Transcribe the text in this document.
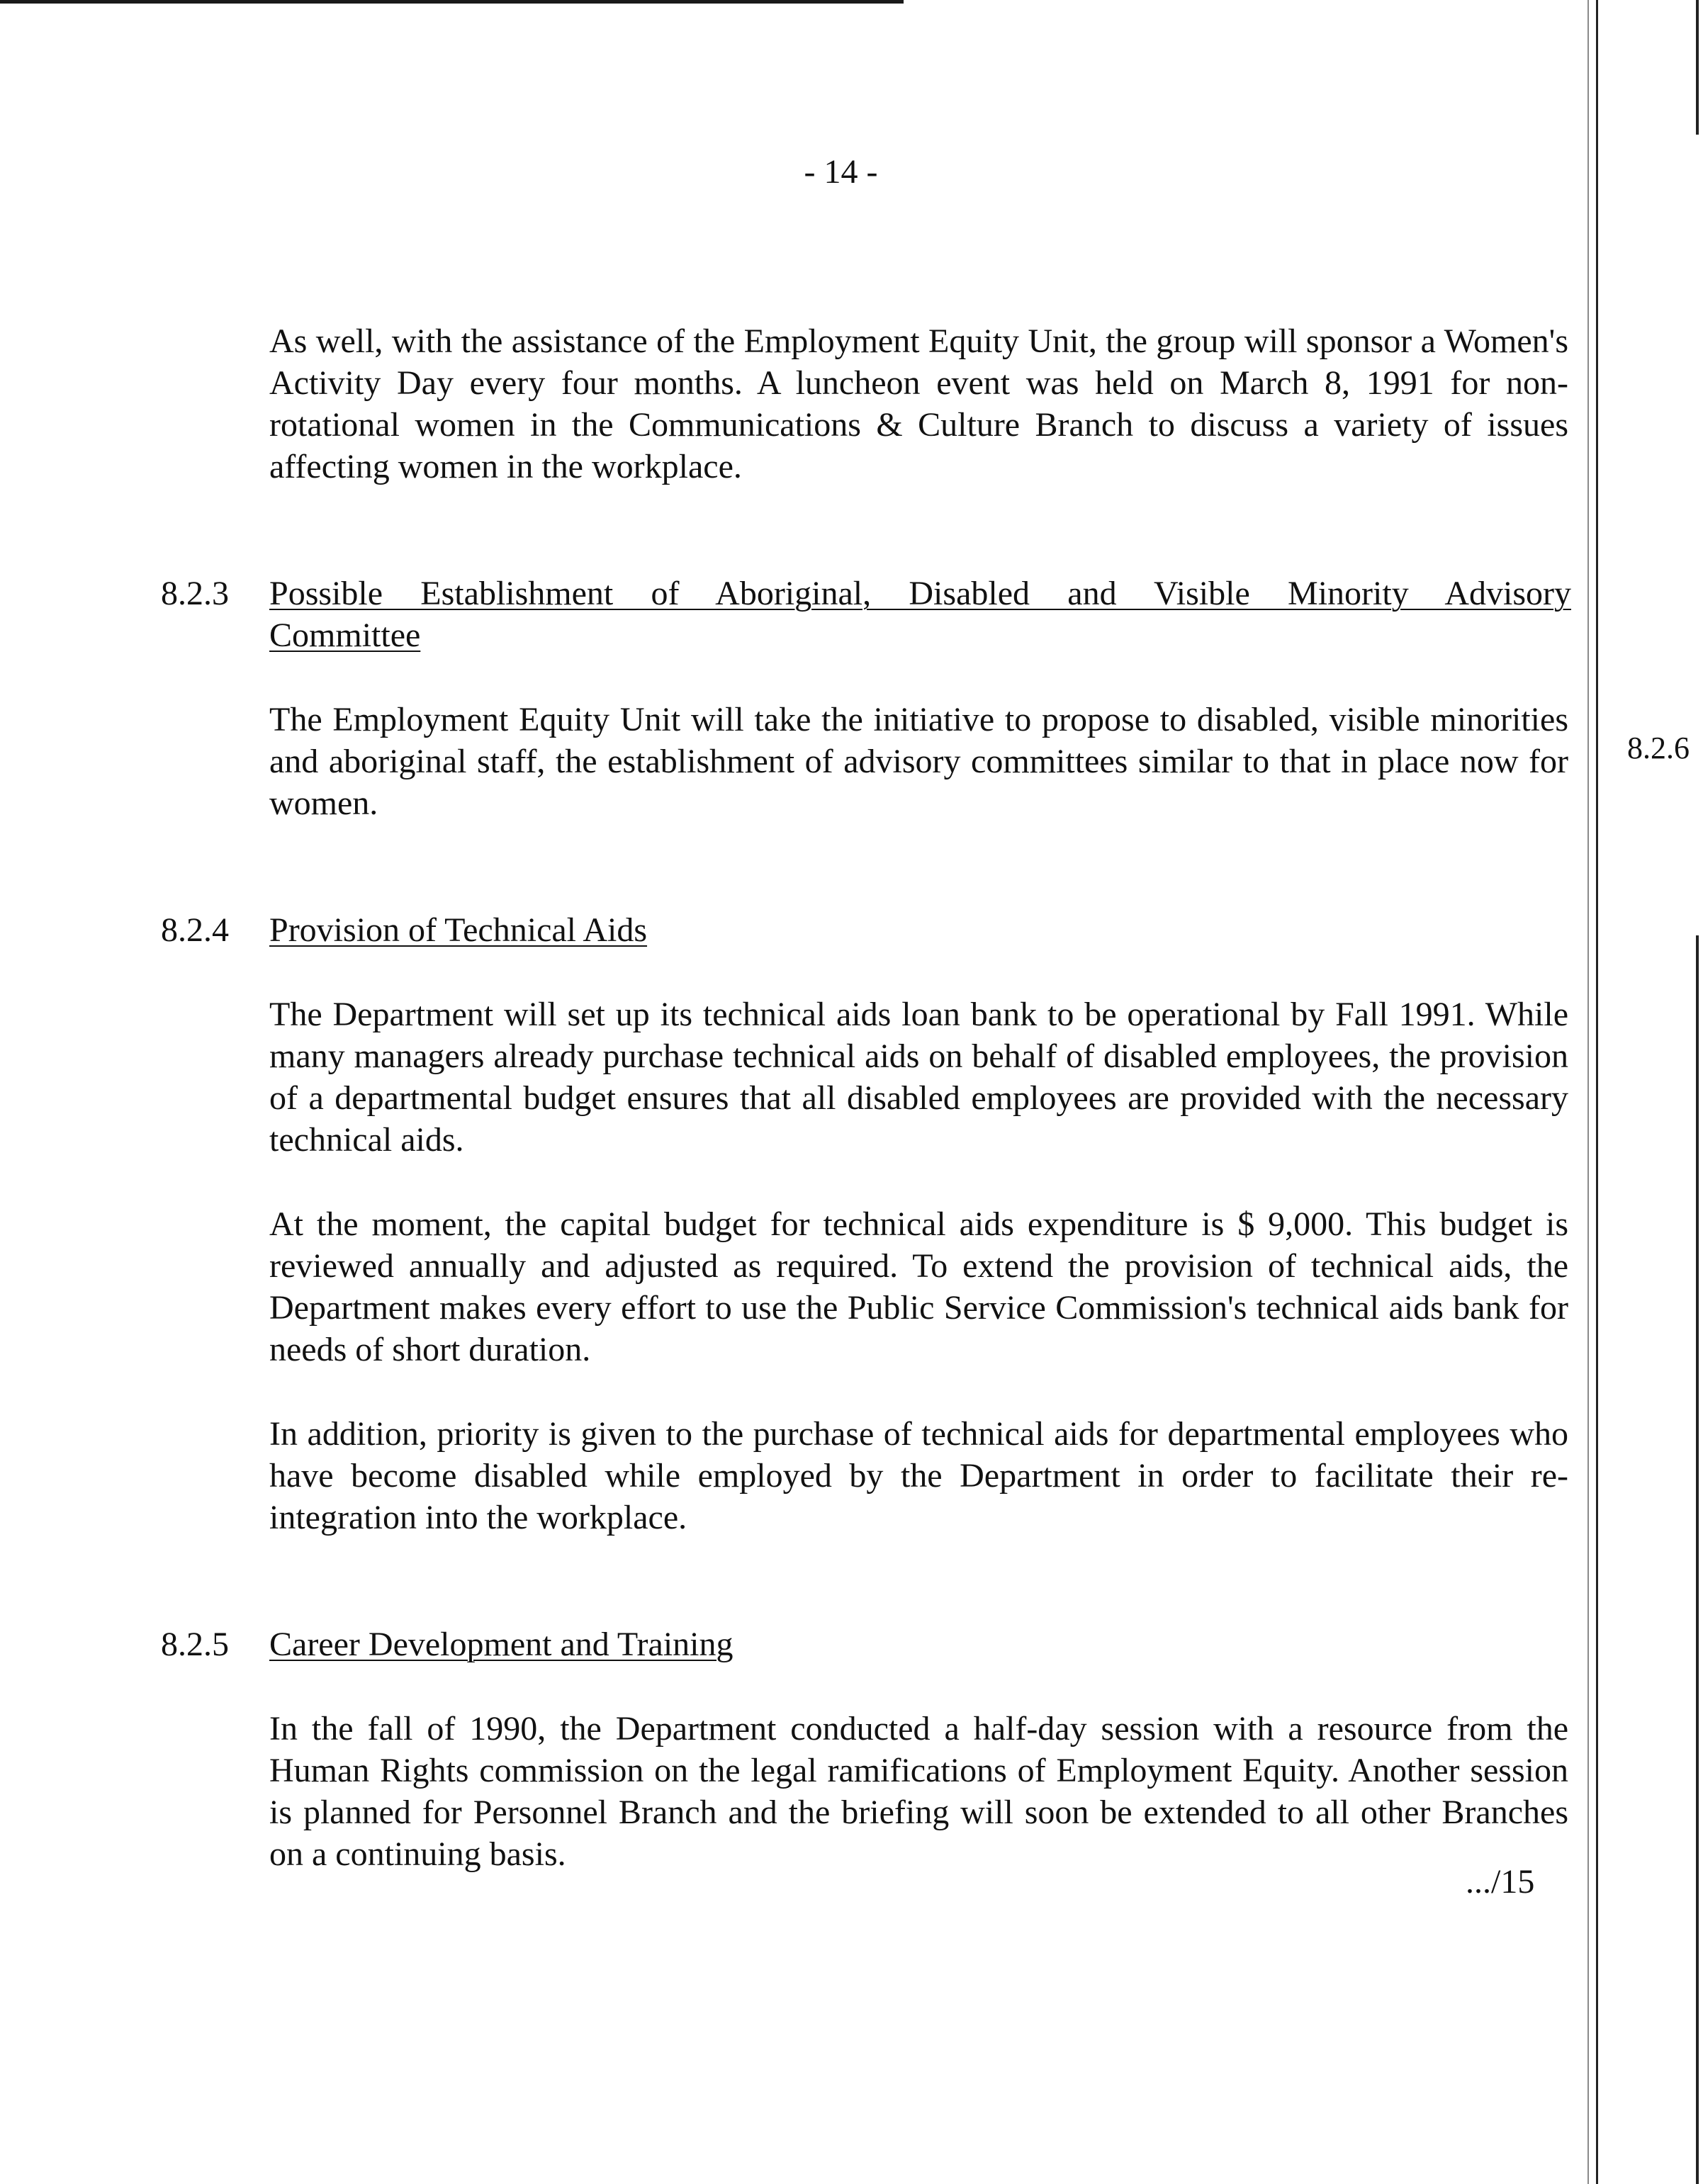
8.2.6
- 14 -
As well, with the assistance of the Employment Equity Unit, the group will sponsor a Women's Activity Day every four months. A luncheon event was held on March 8, 1991 for non-rotational women in the Communications & Culture Branch to discuss a variety of issues affecting women in the workplace.
8.2.3	Possible Establishment of Aboriginal, Disabled and Visible Minority Advisory
Committee
The Employment Equity Unit will take the initiative to propose to disabled, visible minorities and aboriginal staff, the establishment of advisory committees similar to that in place now for women.
8.2.4	Provision of Technical Aids
The Department will set up its technical aids loan bank to be operational by Fall 1991. While many managers already purchase technical aids on behalf of disabled employees, the provision of a departmental budget ensures that all disabled employees are provided with the necessary technical aids.
At the moment, the capital budget for technical aids expenditure is $ 9,000. This budget is reviewed annually and adjusted as required. To extend the provision of technical aids, the Department makes every effort to use the Public Service Commission's technical aids bank for needs of short duration.
In addition, priority is given to the purchase of technical aids for departmental employees who have become disabled while employed by the Department in order to facilitate their re-integration into the workplace.
8.2.5	Career Development and Training
In the fall of 1990, the Department conducted a half-day session with a resource from the Human Rights commission on the legal ramifications of Employment Equity. Another session is planned for Personnel Branch and the briefing will soon be extended to all other Branches on a continuing basis.
.../15
